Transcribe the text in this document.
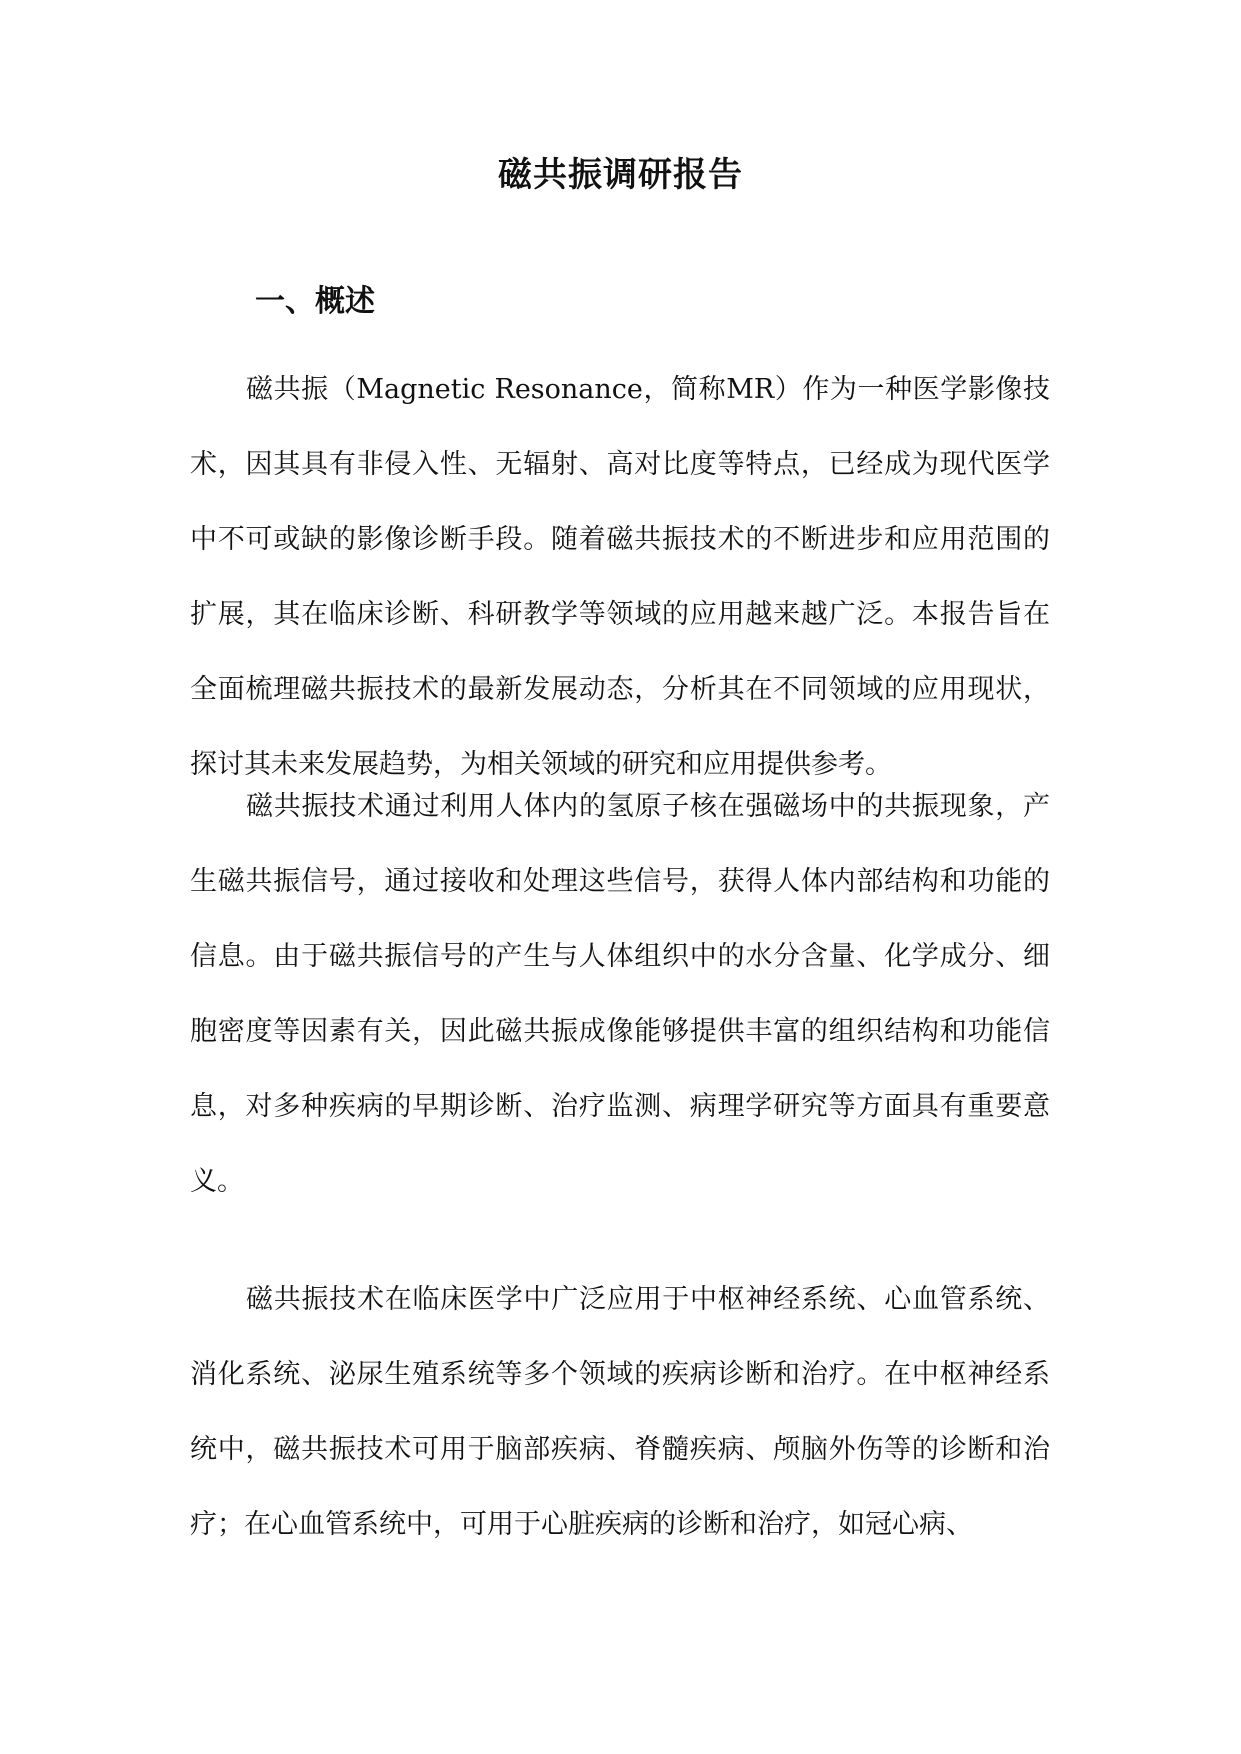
磁共振调研报告
一、概述

磁共振（Magnetic Resonance，简称MR）作为一种医学影像技术，因其具有非侵入性、无辐射、高对比度等特点，已经成为现代医学中不可或缺的影像诊断手段。随着磁共振技术的不断进步和应用范围的扩展，其在临床诊断、科研教学等领域的应用越来越广泛。本报告旨在全面梳理磁共振技术的最新发展动态，分析其在不同领域的应用现状，探讨其未来发展趋势，为相关领域的研究和应用提供参考。

磁共振技术通过利用人体内的氢原子核在强磁场中的共振现象，产生磁共振信号，通过接收和处理这些信号，获得人体内部结构和功能的信息。由于磁共振信号的产生与人体组织中的水分含量、化学成分、细胞密度等因素有关，因此磁共振成像能够提供丰富的组织结构和功能信息，对多种疾病的早期诊断、治疗监测、病理学研究等方面具有重要意义。

磁共振技术在临床医学中广泛应用于中枢神经系统、心血管系统、消化系统、泌尿生殖系统等多个领域的疾病诊断和治疗。在中枢神经系统中，磁共振技术可用于脑部疾病、脊髓疾病、颅脑外伤等的诊断和治疗；在心血管系统中，可用于心脏疾病的诊断和治疗，如冠心病、
